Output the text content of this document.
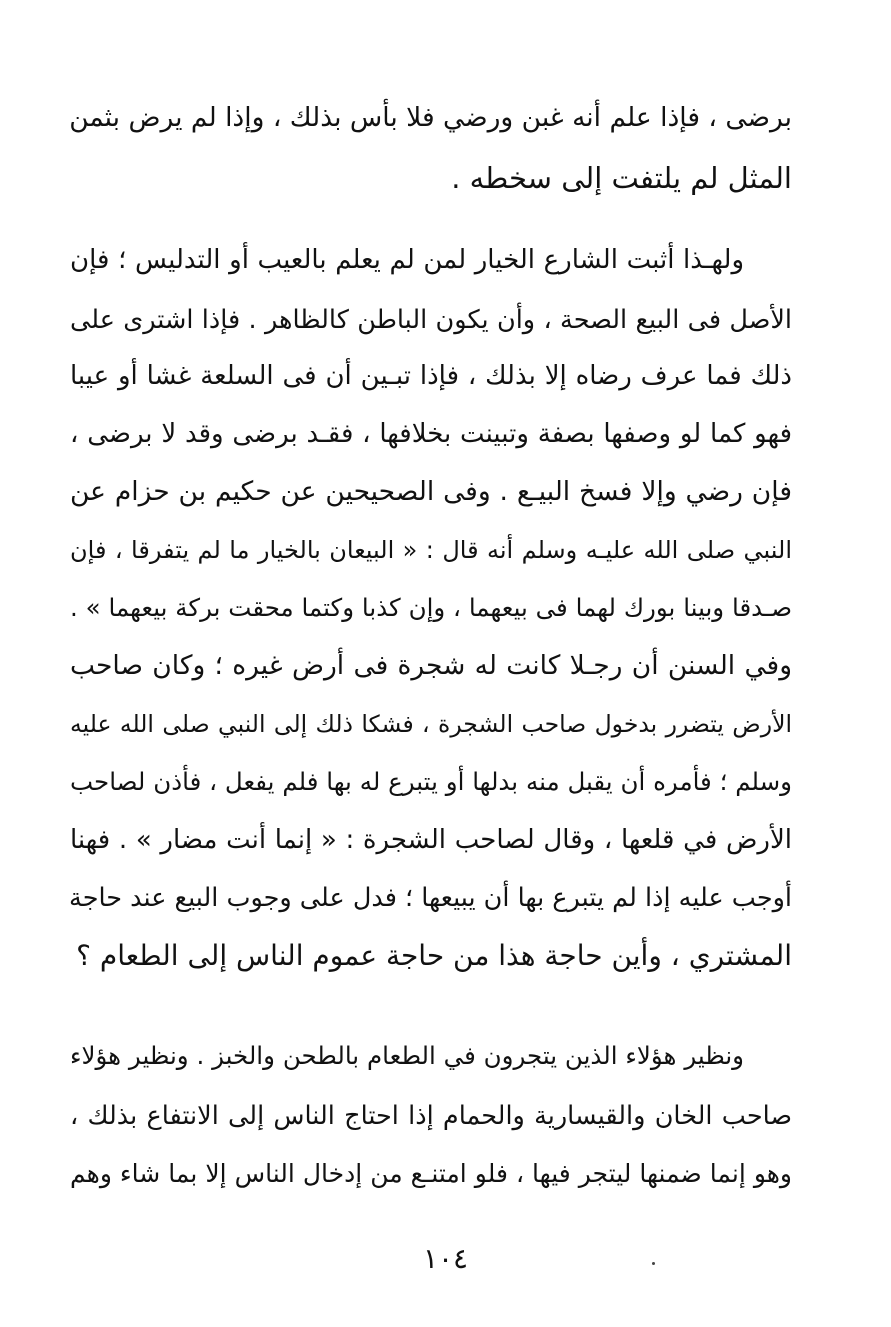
برضى ، فإذا علم أنه غبن ورضي فلا بأس بذلك ، وإذا لم يرض بثمن
المثل لم يلتفت إلى سخطه .
ولهـذا أثبت الشارع الخيار لمن لم يعلم بالعيب أو التدليس ؛ فإن
الأصل فى البيع الصحة ، وأن يكون الباطن كالظاهر . فإذا اشترى على
ذلك فما عرف رضاه إلا بذلك ، فإذا تبـين أن فى السلعة غشا أو عيبا
فهو كما لو وصفها بصفة وتبينت بخلافها ، فقـد برضى وقد لا برضى ،
فإن رضي وإلا فسخ البيـع . وفى الصحيحين عن حكيم بن حزام عن
النبي صلى الله عليـه وسلم أنه قال : « البيعان بالخيار ما لم يتفرقا ، فإن
صـدقا وبينا بورك لهما فى بيعهما ، وإن كذبا وكتما محقت بركة بيعهما » .
وفي السنن أن رجـلا كانت له شجرة فى أرض غيره ؛ وكان صاحب
الأرض يتضرر بدخول صاحب الشجرة ، فشكا ذلك إلى النبي صلى الله عليه
وسلم ؛ فأمره أن يقبل منه بدلها أو يتبرع له بها فلم يفعل ، فأذن لصاحب
الأرض في قلعها ، وقال لصاحب الشجرة : « إنما أنت مضار » . فهنا
أوجب عليه إذا لم يتبرع بها أن يبيعها ؛ فدل على وجوب البيع عند حاجة
المشتري ، وأين حاجة هذا من حاجة عموم الناس إلى الطعام ؟
ونظير هؤلاء الذين يتجرون في الطعام بالطحن والخبز . ونظير هؤلاء
صاحب الخان والقيسارية والحمام إذا احتاج الناس إلى الانتفاع بذلك ،
وهو إنما ضمنها ليتجر فيها ، فلو امتنـع من إدخال الناس إلا بما شاء وهم
١٠٤
